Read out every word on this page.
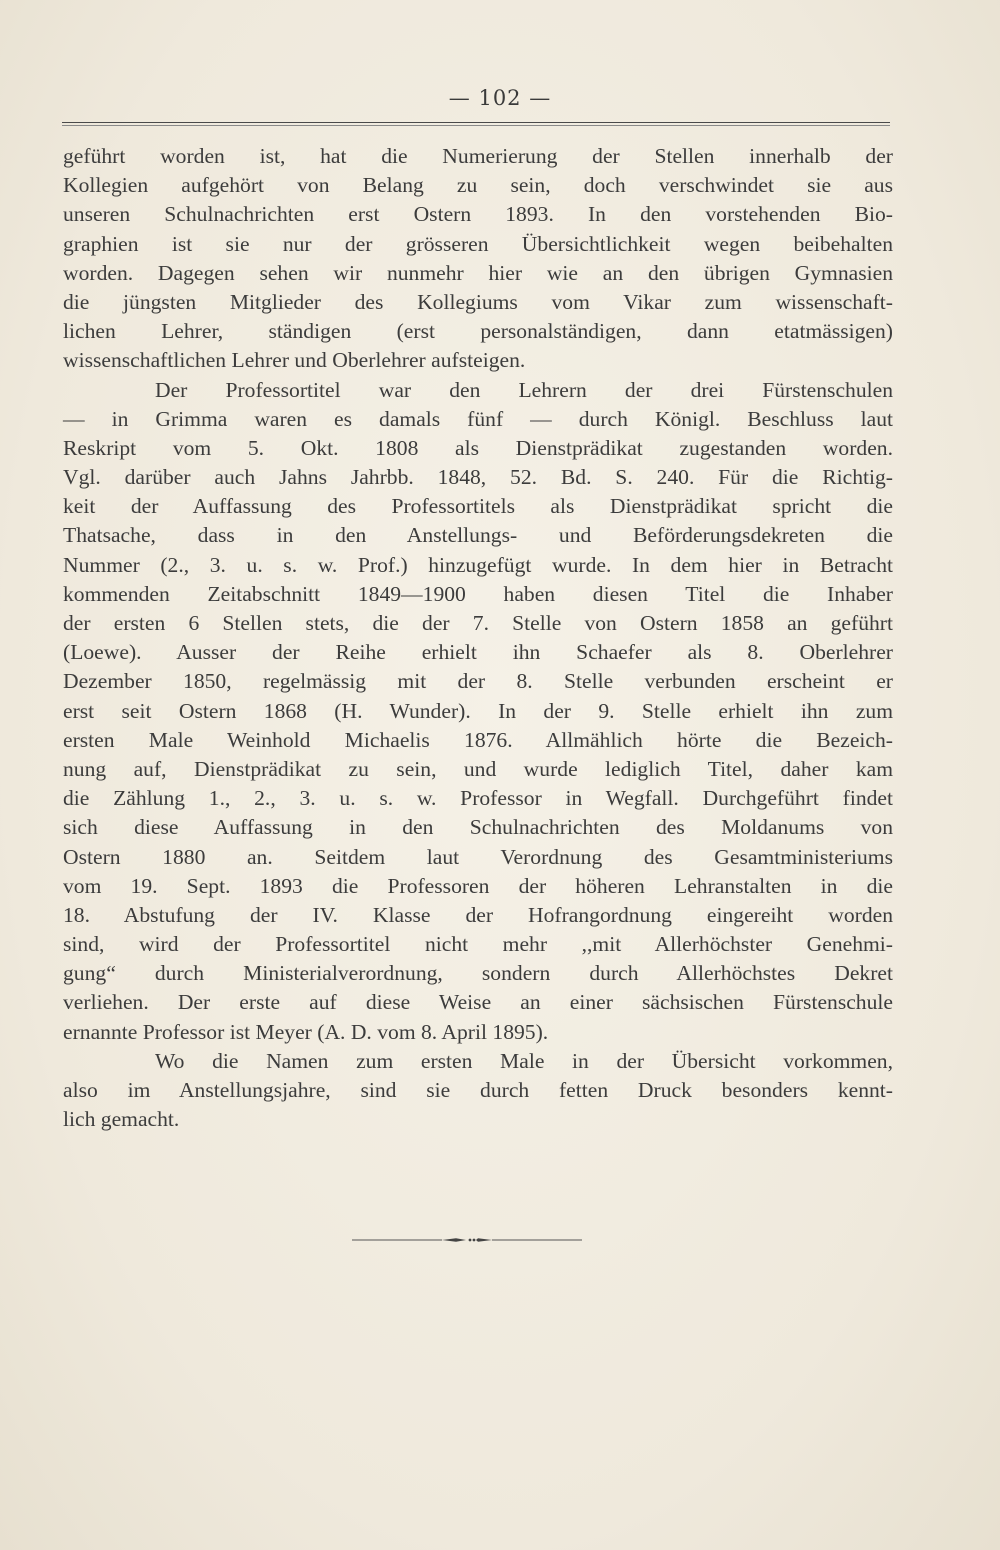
— 102 —
geführt worden ist, hat die Numerierung der Stellen innerhalb der
Kollegien aufgehört von Belang zu sein, doch verschwindet sie aus
unseren Schulnachrichten erst Ostern 1893. In den vorstehenden Bio-
graphien ist sie nur der grösseren Übersichtlichkeit wegen beibehalten
worden. Dagegen sehen wir nunmehr hier wie an den übrigen Gymnasien
die jüngsten Mitglieder des Kollegiums vom Vikar zum wissenschaft-
lichen Lehrer, ständigen (erst personalständigen, dann etatmässigen)
wissenschaftlichen Lehrer und Oberlehrer aufsteigen.
Der Professortitel war den Lehrern der drei Fürstenschulen
— in Grimma waren es damals fünf — durch Königl. Beschluss laut
Reskript vom 5. Okt. 1808 als Dienstprädikat zugestanden worden.
Vgl. darüber auch Jahns Jahrbb. 1848, 52. Bd. S. 240. Für die Richtig-
keit der Auffassung des Professortitels als Dienstprädikat spricht die
Thatsache, dass in den Anstellungs- und Beförderungsdekreten die
Nummer (2., 3. u. s. w. Prof.) hinzugefügt wurde. In dem hier in Betracht
kommenden Zeitabschnitt 1849—1900 haben diesen Titel die Inhaber
der ersten 6 Stellen stets, die der 7. Stelle von Ostern 1858 an geführt
(Loewe). Ausser der Reihe erhielt ihn Schaefer als 8. Oberlehrer
Dezember 1850, regelmässig mit der 8. Stelle verbunden erscheint er
erst seit Ostern 1868 (H. Wunder). In der 9. Stelle erhielt ihn zum
ersten Male Weinhold Michaelis 1876. Allmählich hörte die Bezeich-
nung auf, Dienstprädikat zu sein, und wurde lediglich Titel, daher kam
die Zählung 1., 2., 3. u. s. w. Professor in Wegfall. Durchgeführt findet
sich diese Auffassung in den Schulnachrichten des Moldanums von
Ostern 1880 an. Seitdem laut Verordnung des Gesamtministeriums
vom 19. Sept. 1893 die Professoren der höheren Lehranstalten in die
18. Abstufung der IV. Klasse der Hofrangordnung eingereiht worden
sind, wird der Professortitel nicht mehr ,,mit Allerhöchster Genehmi-
gung“ durch Ministerialverordnung, sondern durch Allerhöchstes Dekret
verliehen. Der erste auf diese Weise an einer sächsischen Fürstenschule
ernannte Professor ist Meyer (A. D. vom 8. April 1895).
Wo die Namen zum ersten Male in der Übersicht vorkommen,
also im Anstellungsjahre, sind sie durch fetten Druck besonders kennt-
lich gemacht.
